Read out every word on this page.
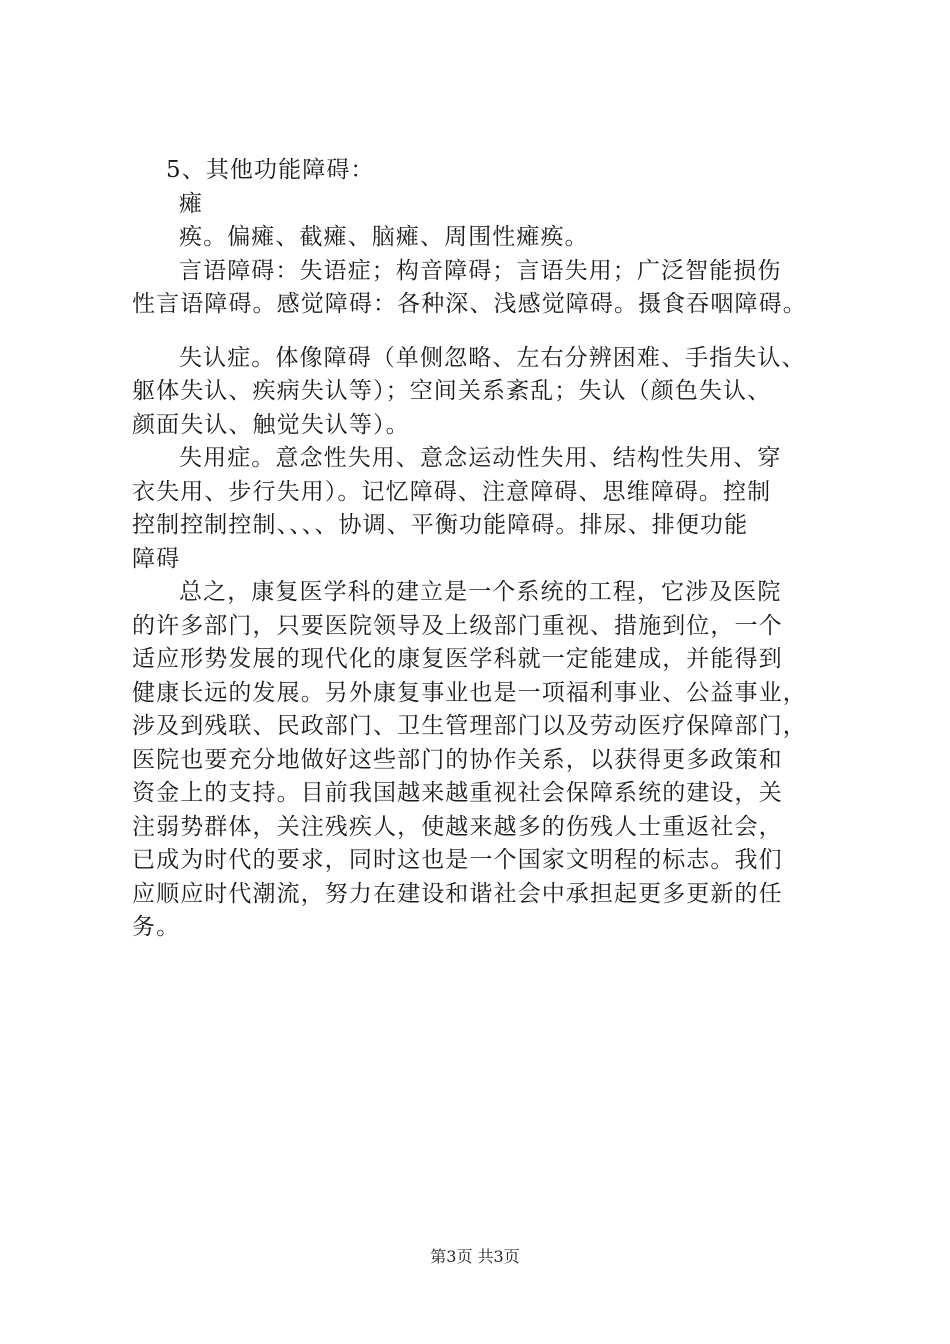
5、其他功能障碍：
瘫
痪。偏瘫、截瘫、脑瘫、周围性瘫痪。
言语障碍：失语症；构音障碍；言语失用；广泛智能损伤
性言语障碍。感觉障碍：各种深、浅感觉障碍。摄食吞咽障碍。
失认症。体像障碍（单侧忽略、左右分辨困难、手指失认、
躯体失认、疾病失认等）；空间关系紊乱；失认（颜色失认、
颜面失认、触觉失认等）。
失用症。意念性失用、意念运动性失用、结构性失用、穿
衣失用、步行失用）。记忆障碍、注意障碍、思维障碍。控制
控制控制控制、、、、协调、平衡功能障碍。排尿、排便功能
障碍
总之，康复医学科的建立是一个系统的工程，它涉及医院
的许多部门，只要医院领导及上级部门重视、措施到位，一个
适应形势发展的现代化的康复医学科就一定能建成，并能得到
健康长远的发展。另外康复事业也是一项福利事业、公益事业，
涉及到残联、民政部门、卫生管理部门以及劳动医疗保障部门，
医院也要充分地做好这些部门的协作关系，以获得更多政策和
资金上的支持。目前我国越来越重视社会保障系统的建设，关
注弱势群体，关注残疾人，使越来越多的伤残人士重返社会，
已成为时代的要求，同时这也是一个国家文明程的标志。我们
应顺应时代潮流，努力在建设和谐社会中承担起更多更新的任
务。
第3页 共3页
